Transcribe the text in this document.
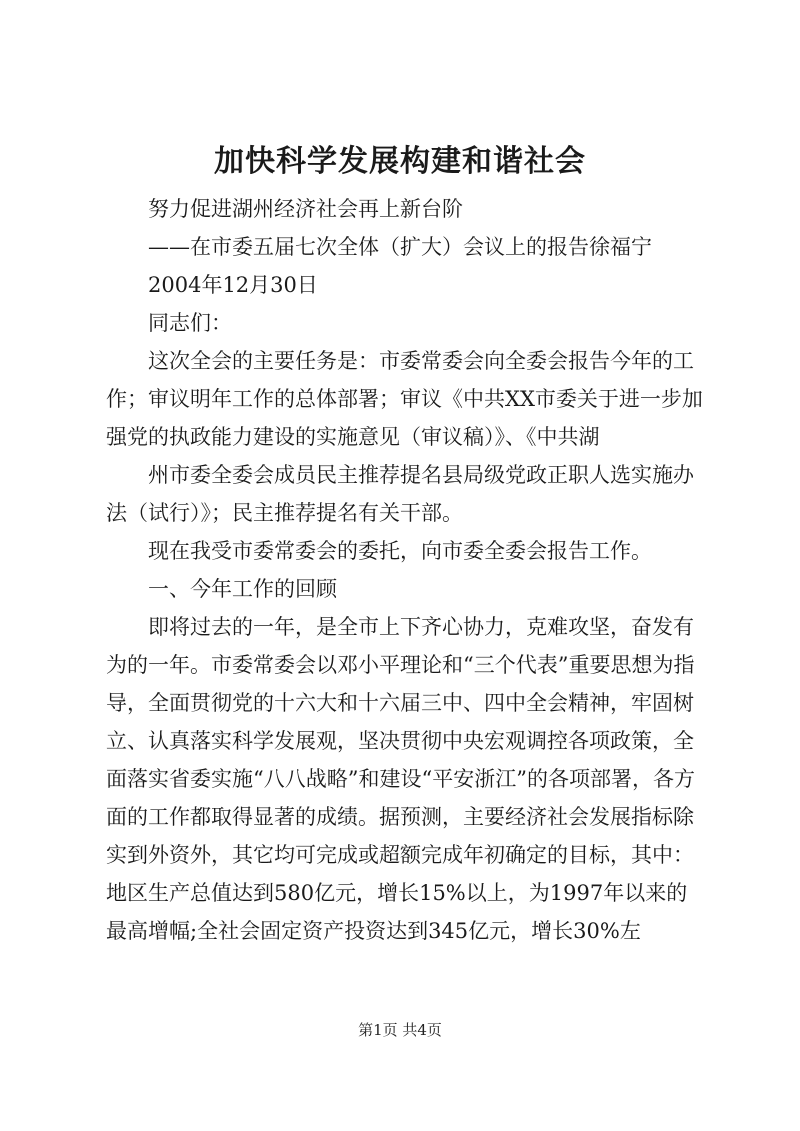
加快科学发展构建和谐社会

努力促进湖州经济社会再上新台阶

——在市委五届七次全体（扩大）会议上的报告徐福宁

2004年12月30日

同志们：

这次全会的主要任务是：市委常委会向全委会报告今年的工作；审议明年工作的总体部署；审议《中共XX市委关于进一步加强党的执政能力建设的实施意见（审议稿）》、《中共湖

州市委全委会成员民主推荐提名县局级党政正职人选实施办法（试行）》；民主推荐提名有关干部。

现在我受市委常委会的委托，向市委全委会报告工作。

一、今年工作的回顾

即将过去的一年，是全市上下齐心协力，克难攻坚，奋发有为的一年。市委常委会以邓小平理论和“三个代表”重要思想为指导，全面贯彻党的十六大和十六届三中、四中全会精神，牢固树立、认真落实科学发展观，坚决贯彻中央宏观调控各项政策，全面落实省委实施“八八战略”和建设“平安浙江”的各项部署，各方面的工作都取得显著的成绩。据预测，主要经济社会发展指标除实到外资外，其它均可完成或超额完成年初确定的目标，其中：地区生产总值达到580亿元，增长15%以上，为1997年以来的最高增幅;全社会固定资产投资达到345亿元，增长30%左

第1页 共4页
